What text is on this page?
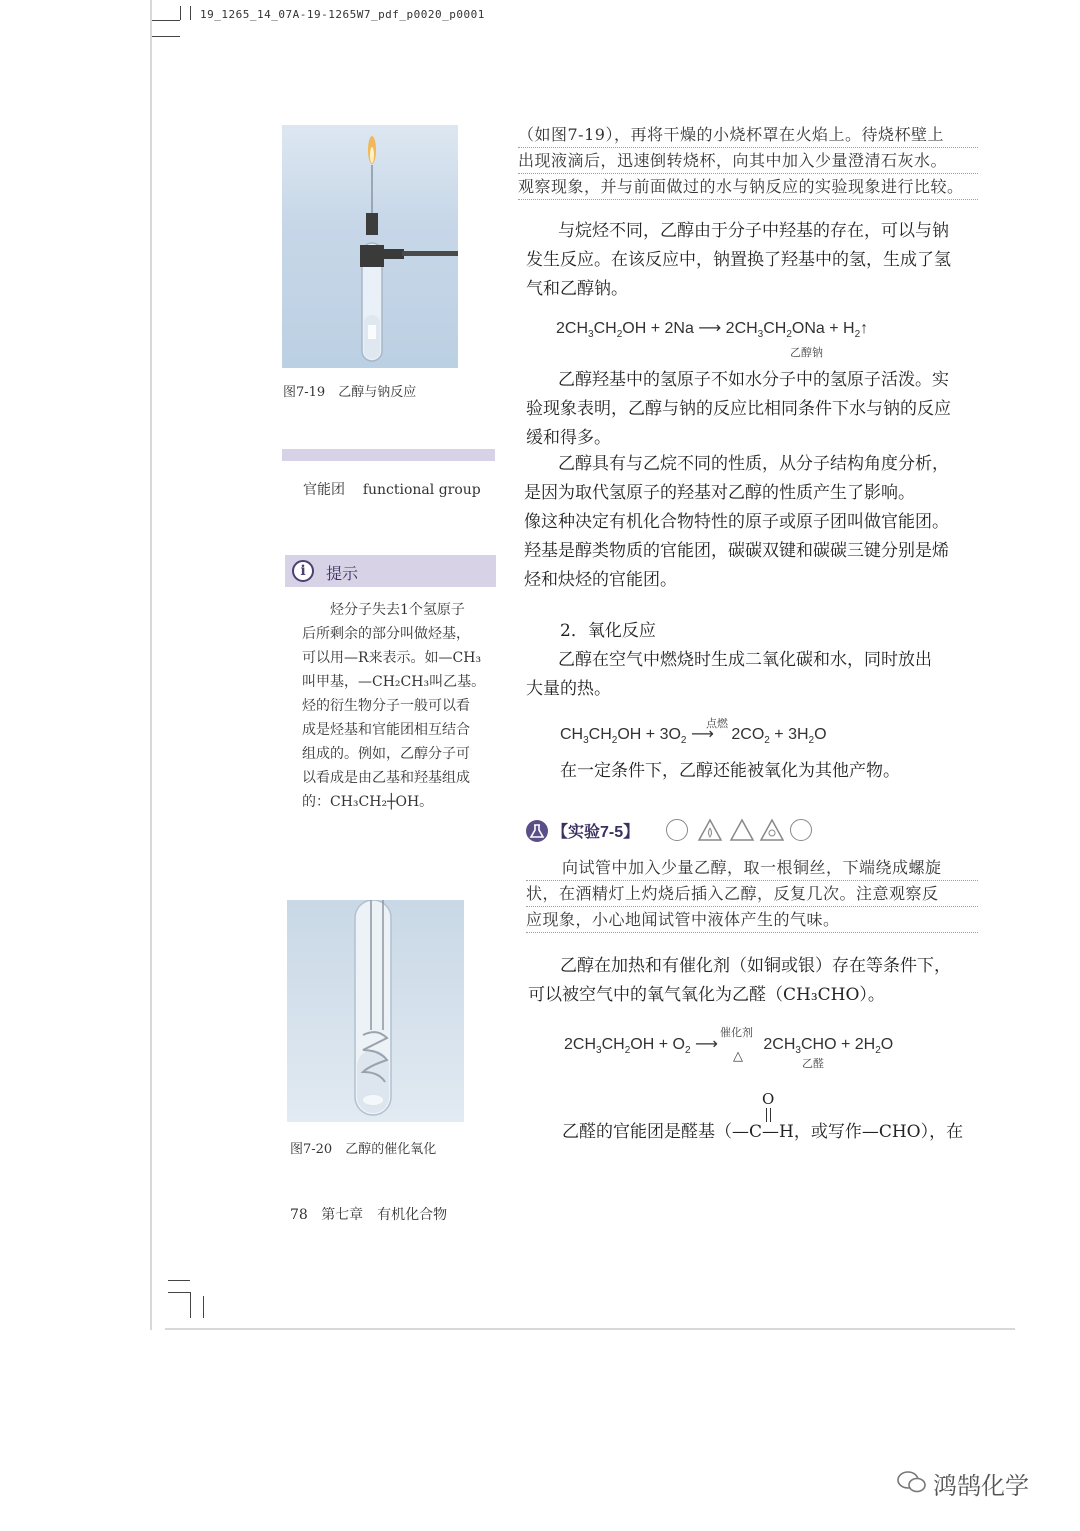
19_1265_14_07A-19-1265W7_pdf_p0020_p0001
图7-19　乙醇与钠反应
官能团 functional group
i	提示
烃分子失去1个氢原子
后所剩余的部分叫做烃基，
可以用—R来表示。如—CH₃
叫甲基，—CH₂CH₃叫乙基。
烃的衍生物分子一般可以看
成是烃基和官能团相互结合
组成的。例如，乙醇分子可
以看成是由乙基和羟基组成
的：CH₃CH₂┼OH。
图7-20　乙醇的催化氧化
（如图7-19），再将干燥的小烧杯罩在火焰上。待烧杯壁上
出现液滴后，迅速倒转烧杯，向其中加入少量澄清石灰水。
观察现象，并与前面做过的水与钠反应的实验现象进行比较。
与烷烃不同，乙醇由于分子中羟基的存在，可以与钠
发生反应。在该反应中，钠置换了羟基中的氢，生成了氢
气和乙醇钠。
$2CH_3CH_2OH + 2Na$ ⟶ $2CH_3CH_2ONa$ + $H_2↑$
乙醇钠
乙醇羟基中的氢原子不如水分子中的氢原子活泼。实
验现象表明，乙醇与钠的反应比相同条件下水与钠的反应
缓和得多。
乙醇具有与乙烷不同的性质，从分子结构角度分析，
是因为取代氢原子的羟基对乙醇的性质产生了影响。
像这种决定有机化合物特性的原子或原子团叫做官能团。
羟基是醇类物质的官能团，碳碳双键和碳碳三键分别是烯
烃和炔烃的官能团。
2．氧化反应
乙醇在空气中燃烧时生成二氧化碳和水，同时放出
大量的热。
$CH_3CH_2OH + 3O_2$ ⟶ $2CO_2 + 3H_2O$
点燃
在一定条件下，乙醇还能被氧化为其他产物。
【实验7-5】
向试管中加入少量乙醇，取一根铜丝，下端绕成螺旋
状，在酒精灯上灼烧后插入乙醇，反复几次。注意观察反
应现象，小心地闻试管中液体产生的气味。
乙醇在加热和有催化剂（如铜或银）存在等条件下，
可以被空气中的氧气氧化为乙醛（CH₃CHO）。
$2CH_3CH_2OH + O_2$ ⟶	$2CH_3CHO + 2H_2O$
催化剂
△	乙醛
O
乙醛的官能团是醛基（—C—H，或写作—CHO），在
78 第七章　有机化合物
鸿鹄化学
